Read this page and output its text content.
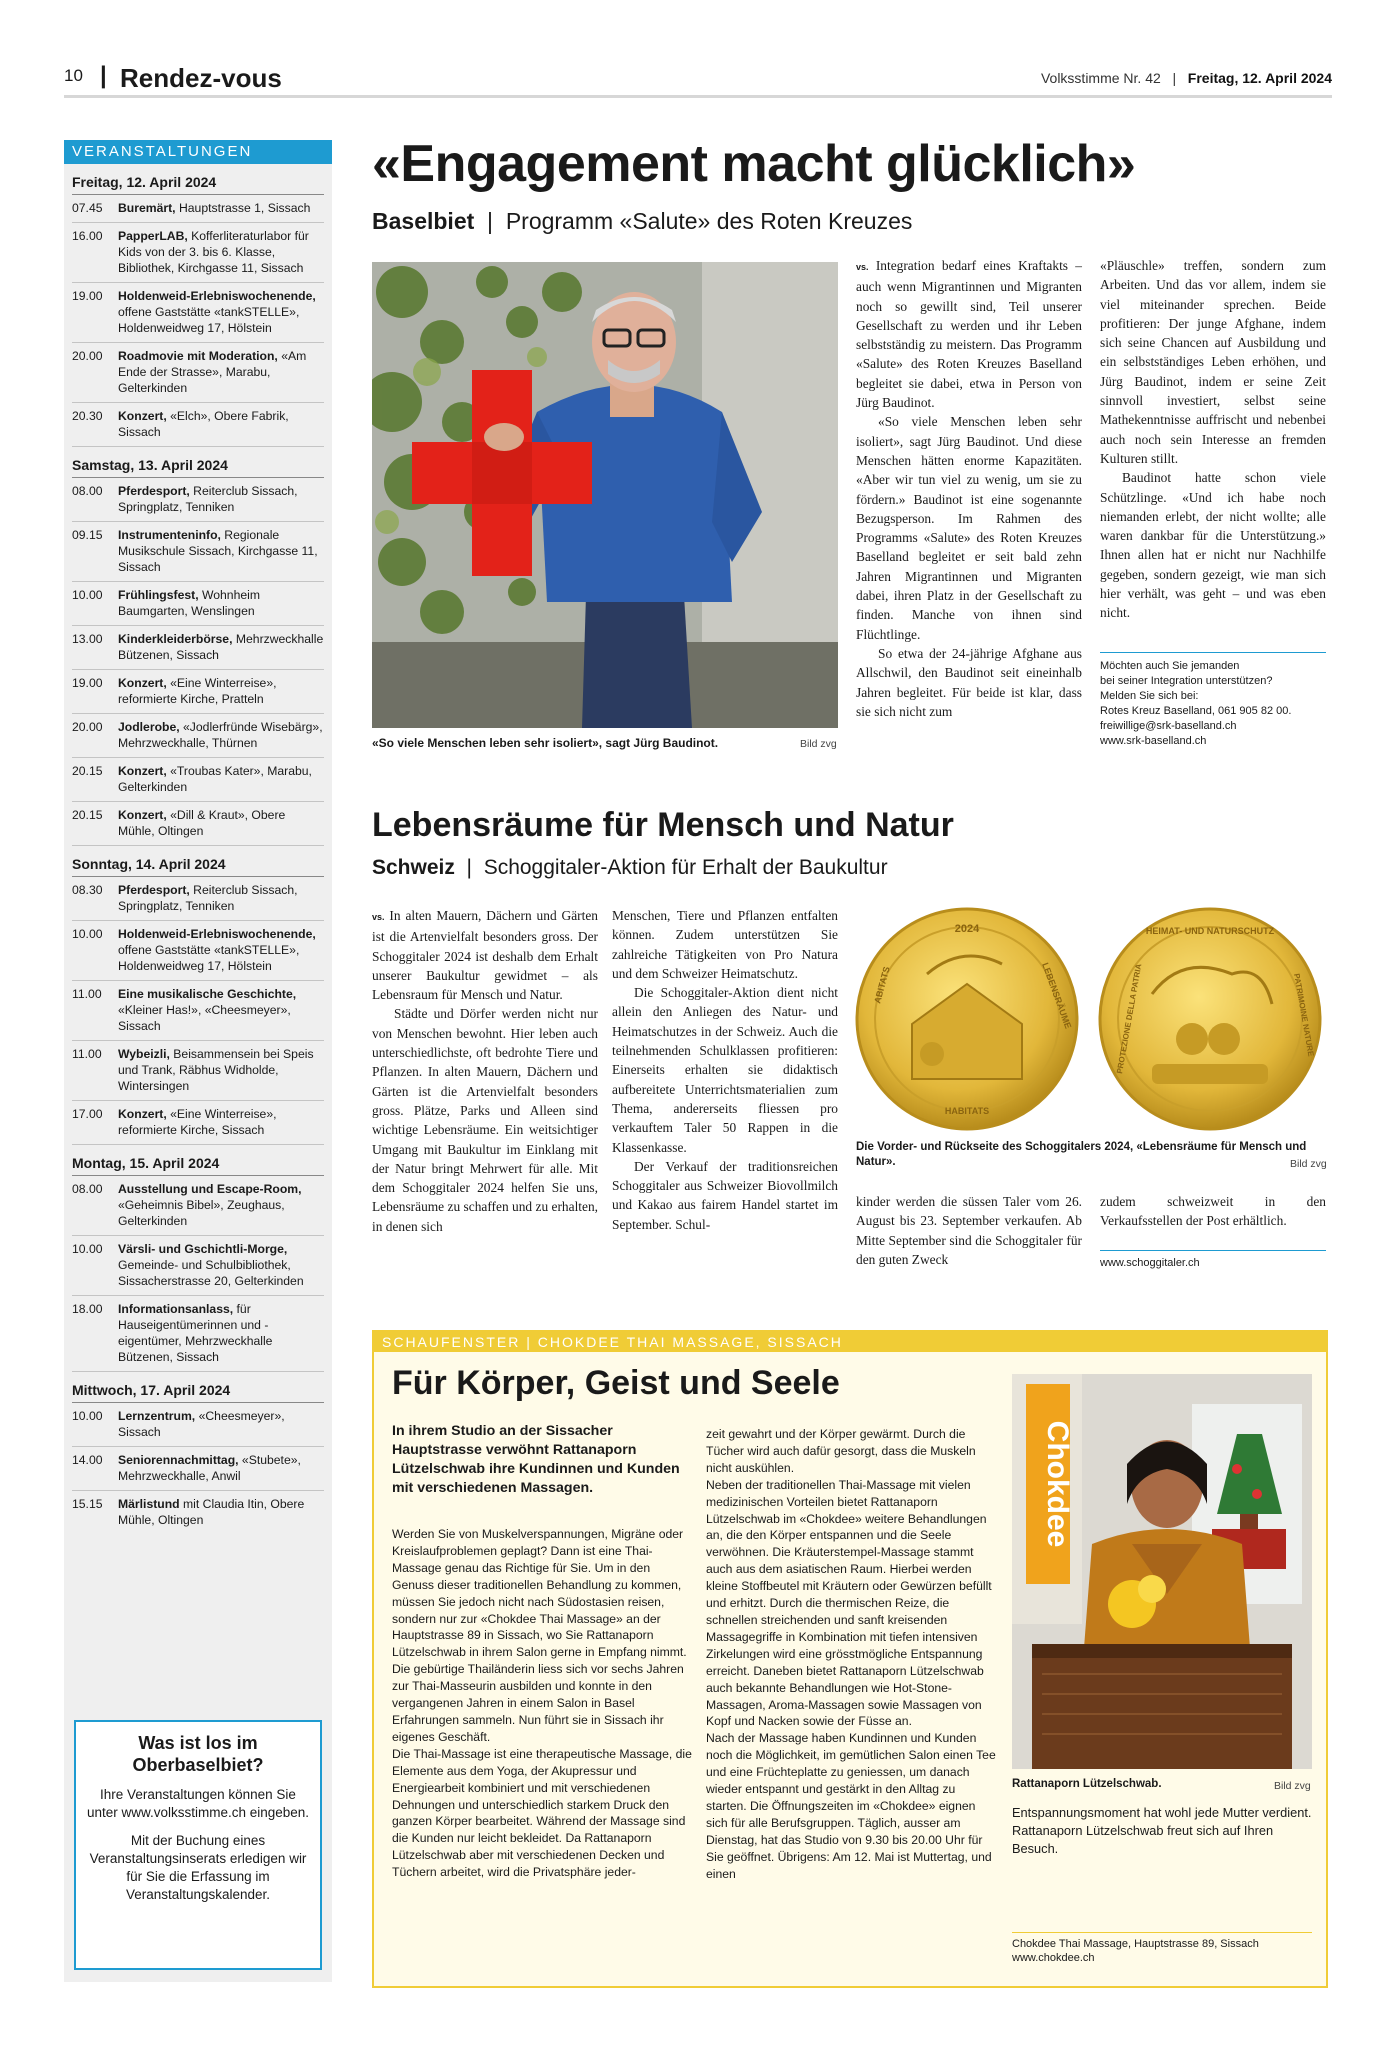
10 | Rendez-vous	Volksstimme Nr. 42 | Freitag, 12. April 2024
VERANSTALTUNGEN
Freitag, 12. April 2024
07.45	Buremärt, Hauptstrasse 1, Sissach
16.00	PapperLAB, Kofferliteraturlabor für Kids von der 3. bis 6. Klasse, Bibliothek, Kirchgasse 11, Sissach
19.00	Holdenweid-Erlebniswochenende, offene Gaststätte «tankSTELLE», Holdenweidweg 17, Hölstein
20.00	Roadmovie mit Moderation, «Am Ende der Strasse», Marabu, Gelterkinden
20.30	Konzert, «Elch», Obere Fabrik, Sissach
Samstag, 13. April 2024
08.00	Pferdesport, Reiterclub Sissach, Springplatz, Tenniken
09.15	Instrumenteninfo, Regionale Musikschule Sissach, Kirchgasse 11, Sissach
10.00	Frühlingsfest, Wohnheim Baumgarten, Wenslingen
13.00	Kinderkleiderbörse, Mehrzweckhalle Bützenen, Sissach
19.00	Konzert, «Eine Winterreise», reformierte Kirche, Pratteln
20.00	Jodlerobe, «Jodlerfründe Wisebärg», Mehrzweckhalle, Thürnen
20.15	Konzert, «Troubas Kater», Marabu, Gelterkinden
20.15	Konzert, «Dill & Kraut», Obere Mühle, Oltingen
Sonntag, 14. April 2024
08.30	Pferdesport, Reiterclub Sissach, Springplatz, Tenniken
10.00	Holdenweid-Erlebniswochenende, offene Gaststätte «tankSTELLE», Holdenweidweg 17, Hölstein
11.00	Eine musikalische Geschichte, «Kleiner Has!», «Cheesmeyer», Sissach
11.00	Wybeizli, Beisammensein bei Speis und Trank, Räbhus Widholde, Wintersingen
17.00	Konzert, «Eine Winterreise», reformierte Kirche, Sissach
Montag, 15. April 2024
08.00	Ausstellung und Escape-Room, «Geheimnis Bibel», Zeughaus, Gelterkinden
10.00	Värsli- und Gschichtli-Morge, Gemeinde- und Schulbibliothek, Sissacherstrasse 20, Gelterkinden
18.00	Informationsanlass, für Hauseigentümerinnen und -eigentümer, Mehrzweckhalle Bützenen, Sissach
Mittwoch, 17. April 2024
10.00	Lernzentrum, «Cheesmeyer», Sissach
14.00	Seniorennachmittag, «Stubete», Mehrzweckhalle, Anwil
15.15	Märlistund mit Claudia Itin, Obere Mühle, Oltingen
Was ist los im Oberbaselbiet?

Ihre Veranstaltungen können Sie unter www.volksstimme.ch eingeben.

Mit der Buchung eines Veranstaltungsinserats erledigen wir für Sie die Erfassung im Veranstaltungskalender.

«Engagement macht glücklich»
Baselbiet | Programm «Salute» des Roten Kreuzes
«So viele Menschen leben sehr isoliert», sagt Jürg Baudinot.	Bild zvg

vs. Integration bedarf eines Kraftakts – auch wenn Migrantinnen und Migranten noch so gewillt sind, Teil unserer Gesellschaft zu werden und ihr Leben selbstständig zu meistern. Das Programm «Salute» des Roten Kreuzes Baselland begleitet sie dabei, etwa in Person von Jürg Baudinot.

«So viele Menschen leben sehr isoliert», sagt Jürg Baudinot. Und diese Menschen hätten enorme Kapazitäten. «Aber wir tun viel zu wenig, um sie zu fördern.» Baudinot ist eine sogenannte Bezugsperson. Im Rahmen des Programms «Salute» des Roten Kreuzes Baselland begleitet er seit bald zehn Jahren Migrantinnen und Migranten dabei, ihren Platz in der Gesellschaft zu finden. Manche von ihnen sind Flüchtlinge.

So etwa der 24-jährige Afghane aus Allschwil, den Baudinot seit eineinhalb Jahren begleitet. Für beide ist klar, dass sie sich nicht zum

«Pläuschle» treffen, sondern zum Arbeiten. Und das vor allem, indem sie viel miteinander sprechen. Beide profitieren: Der junge Afghane, indem sich seine Chancen auf Ausbildung und ein selbstständiges Leben erhöhen, und Jürg Baudinot, indem er seine Zeit sinnvoll investiert, selbst seine Mathekenntnisse auffrischt und nebenbei auch noch sein Interesse an fremden Kulturen stillt.

Baudinot hatte schon viele Schützlinge. «Und ich habe noch niemanden erlebt, der nicht wollte; alle waren dankbar für die Unterstützung.» Ihnen allen hat er nicht nur Nachhilfe gegeben, sondern gezeigt, wie man sich hier verhält, was geht – und was eben nicht.

Möchten auch Sie jemanden
bei seiner Integration unterstützen?
Melden Sie sich bei:
Rotes Kreuz Baselland, 061 905 82 00.
freiwillige@srk-baselland.ch
www.srk-baselland.ch
Lebensräume für Mensch und Natur
Schweiz | Schoggitaler-Aktion für Erhalt der Baukultur

vs. In alten Mauern, Dächern und Gärten ist die Artenvielfalt besonders gross. Der Schoggitaler 2024 ist deshalb dem Erhalt unserer Baukultur gewidmet – als Lebensraum für Mensch und Natur.

Städte und Dörfer werden nicht nur von Menschen bewohnt. Hier leben auch unterschiedlichste, oft bedrohte Tiere und Pflanzen. In alten Mauern, Dächern und Gärten ist die Artenvielfalt besonders gross. Plätze, Parks und Alleen sind wichtige Lebensräume. Ein weitsichtiger Umgang mit Baukultur im Einklang mit der Natur bringt Mehrwert für alle. Mit dem Schoggitaler 2024 helfen Sie uns, Lebensräume zu schaffen und zu erhalten, in denen sich

Menschen, Tiere und Pflanzen entfalten können. Zudem unterstützen Sie zahlreiche Tätigkeiten von Pro Natura und dem Schweizer Heimatschutz.

Die Schoggitaler-Aktion dient nicht allein den Anliegen des Natur- und Heimatschutzes in der Schweiz. Auch die teilnehmenden Schulklassen profitieren: Einerseits erhalten sie didaktisch aufbereitete Unterrichtsmaterialien zum Thema, andererseits fliessen pro verkauftem Taler 50 Rappen in die Klassenkasse.

Der Verkauf der traditionsreichen Schoggitaler aus Schweizer Biovollmilch und Kakao aus fairem Handel startet im September. Schul-

2024
ABITATS	LEBENSRÄUME
HABITATS
HEIMAT- UND NATURSCHUTZ
PROTEZIONE DELLA PATRIA	PATRIMOINE NATURE
Die Vorder- und Rückseite des Schoggitalers 2024, «Lebensräume für Mensch und Natur».	Bild zvg

kinder werden die süssen Taler vom 26. August bis 23. September verkaufen. Ab Mitte September sind die Schoggitaler für den guten Zweck

zudem schweizweit in den Verkaufsstellen der Post erhältlich.

www.schoggitaler.ch
SCHAUFENSTER | CHOKDEE THAI MASSAGE, SISSACH
Für Körper, Geist und Seele
In ihrem Studio an der Sissacher Hauptstrasse verwöhnt Rattanaporn Lützelschwab ihre Kundinnen und Kunden mit verschiedenen Massagen.

Werden Sie von Muskelverspannungen, Migräne oder Kreislaufproblemen geplagt? Dann ist eine Thai-Massage genau das Richtige für Sie. Um in den Genuss dieser traditionellen Behandlung zu kommen, müssen Sie jedoch nicht nach Südostasien reisen, sondern nur zur «Chokdee Thai Massage» an der Hauptstrasse 89 in Sissach, wo Sie Rattanaporn Lützelschwab in ihrem Salon gerne in Empfang nimmt. Die gebürtige Thailänderin liess sich vor sechs Jahren zur Thai-Masseurin ausbilden und konnte in den vergangenen Jahren in einem Salon in Basel Erfahrungen sammeln. Nun führt sie in Sissach ihr eigenes Geschäft.

Die Thai-Massage ist eine therapeutische Massage, die Elemente aus dem Yoga, der Akupressur und Energiearbeit kombiniert und mit verschiedenen Dehnungen und unterschiedlich starkem Druck den ganzen Körper bearbeitet. Während der Massage sind die Kunden nur leicht bekleidet. Da Rattanaporn Lützelschwab aber mit verschiedenen Decken und Tüchern arbeitet, wird die Privatsphäre jeder-

zeit gewahrt und der Körper gewärmt. Durch die Tücher wird auch dafür gesorgt, dass die Muskeln nicht auskühlen.

Neben der traditionellen Thai-Massage mit vielen medizinischen Vorteilen bietet Rattanaporn Lützelschwab im «Chokdee» weitere Behandlungen an, die den Körper entspannen und die Seele verwöhnen. Die Kräuterstempel-Massage stammt auch aus dem asiatischen Raum. Hierbei werden kleine Stoffbeutel mit Kräutern oder Gewürzen befüllt und erhitzt. Durch die thermischen Reize, die schnellen streichenden und sanft kreisenden Massagegriffe in Kombination mit tiefen intensiven Zirkelungen wird eine grösstmögliche Entspannung erreicht. Daneben bietet Rattanaporn Lützelschwab auch bekannte Behandlungen wie Hot-Stone-Massagen, Aroma-Massagen sowie Massagen von Kopf und Nacken sowie der Füsse an.

Nach der Massage haben Kundinnen und Kunden noch die Möglichkeit, im gemütlichen Salon einen Tee und eine Früchteplatte zu geniessen, um danach wieder entspannt und gestärkt in den Alltag zu starten. Die Öffnungszeiten im «Chokdee» eignen sich für alle Berufsgruppen. Täglich, ausser am Dienstag, hat das Studio von 9.30 bis 20.00 Uhr für Sie geöffnet. Übrigens: Am 12. Mai ist Muttertag, und einen

Chokdee
Rattanaporn Lützelschwab.	Bild zvg
Entspannungsmoment hat wohl jede Mutter verdient. Rattanaporn Lützelschwab freut sich auf Ihren Besuch.
Chokdee Thai Massage, Hauptstrasse 89, Sissach
www.chokdee.ch
